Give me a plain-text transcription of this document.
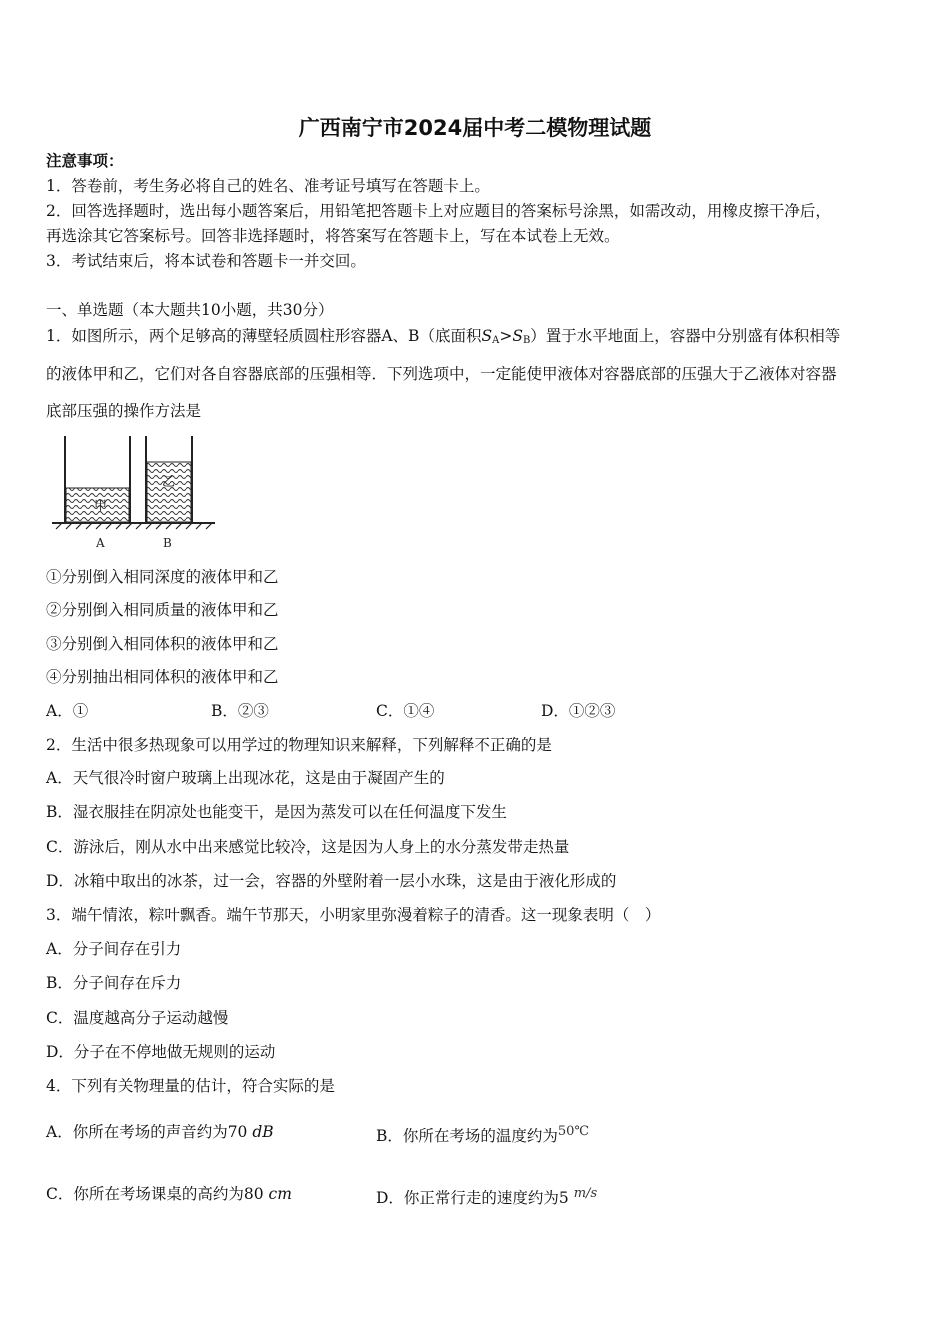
广西南宁市2024届中考二模物理试题
注意事项：
1．答卷前，考生务必将自己的姓名、准考证号填写在答题卡上。
2．回答选择题时，选出每小题答案后，用铅笔把答题卡上对应题目的答案标号涂黑，如需改动，用橡皮擦干净后，
再选涂其它答案标号。回答非选择题时，将答案写在答题卡上，写在本试卷上无效。
3．考试结束后，将本试卷和答题卡一并交回。
一、单选题（本大题共10小题，共30分）
1．如图所示，两个足够高的薄壁轻质圆柱形容器A、B（底面积$S_A>S_B$）置于水平地面上，容器中分别盛有体积相等
的液体甲和乙，它们对各自容器底部的压强相等．下列选项中，一定能使甲液体对容器底部的压强大于乙液体对容器
底部压强的操作方法是
甲
乙
A	B
①分别倒入相同深度的液体甲和乙
②分别倒入相同质量的液体甲和乙
③分别倒入相同体积的液体甲和乙
④分别抽出相同体积的液体甲和乙
A．①	B．②③	C．①④	D．①②③
2．生活中很多热现象可以用学过的物理知识来解释，下列解释不正确的是
A．天气很冷时窗户玻璃上出现冰花，这是由于凝固产生的
B．湿衣服挂在阴凉处也能变干，是因为蒸发可以在任何温度下发生
C．游泳后，刚从水中出来感觉比较冷，这是因为人身上的水分蒸发带走热量
D．冰箱中取出的冰茶，过一会，容器的外壁附着一层小水珠，这是由于液化形成的
3．端午情浓，粽叶飘香。端午节那天，小明家里弥漫着粽子的清香。这一现象表明（　）
A．分子间存在引力
B．分子间存在斥力
C．温度越高分子运动越慢
D．分子在不停地做无规则的运动
4．下列有关物理量的估计，符合实际的是
A．你所在考场的声音约为70 dB	B．你所在考场的温度约为$^{50℃}$
C．你所在考场课桌的高约为80 cm	D．你正常行走的速度约为5 $^{m/s}$
